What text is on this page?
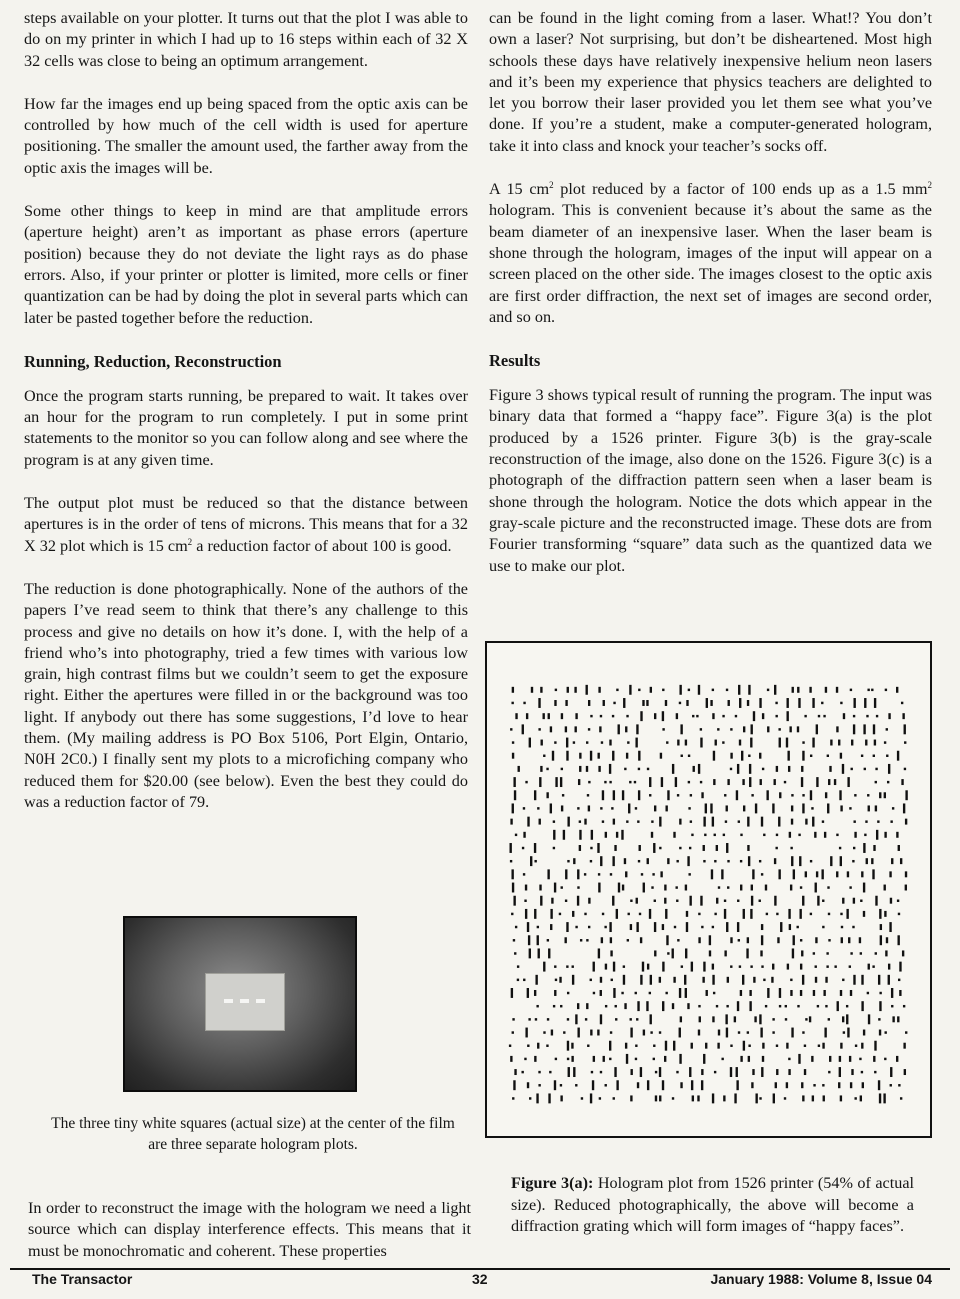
steps available on your plotter. It turns out that the plot I was able to do on my printer in which I had up to 16 steps within each of 32 X 32 cells was close to being an optimum arrangement.

How far the images end up being spaced from the optic axis can be controlled by how much of the cell width is used for aperture positioning. The smaller the amount used, the farther away from the optic axis the images will be.

Some other things to keep in mind are that amplitude errors (aperture height) aren’t as important as phase errors (aperture position) because they do not deviate the light rays as do phase errors. Also, if your printer or plotter is limited, more cells or finer quantization can be had by doing the plot in several parts which can later be pasted together before the reduction.

Running, Reduction, Reconstruction

Once the program starts running, be prepared to wait. It takes over an hour for the program to run completely. I put in some print statements to the monitor so you can follow along and see where the program is at any given time.

The output plot must be reduced so that the distance between apertures is in the order of tens of microns. This means that for a 32 X 32 plot which is 15 $cm^2$ a reduction factor of about 100 is good.

The reduction is done photographically. None of the authors of the papers I’ve read seem to think that there’s any challenge to this process and give no details on how it’s done. I, with the help of a friend who’s into photography, tried a few times with various low grain, high contrast films but we couldn’t seem to get the exposure right. Either the apertures were filled in or the background was too light. If anybody out there has some suggestions, I’d love to hear them. (My mailing address is PO Box 5106, Port Elgin, Ontario, N0H 2C0.) I finally sent my plots to a microfiching company who reduced them for $20.00 (see below). Even the best they could do was a reduction factor of 79.

The three tiny white squares (actual size) at the center of the film are three separate hologram plots.

In order to reconstruct the image with the hologram we need a light source which can display interference effects. This means that it must be monochromatic and coherent. These properties

can be found in the light coming from a laser. What!? You don’t own a laser? Not surprising, but don’t be disheartened. Most high schools these days have relatively inexpensive helium neon lasers and it’s been my experience that physics teachers are delighted to let you borrow their laser provided you let them see what you’ve done. If you’re a student, make a computer-generated hologram, take it into class and knock your teacher’s socks off.

A 15 $cm^2$ plot reduced by a factor of 100 ends up as a 1.5 $mm^2$ hologram. This is convenient because it’s about the same as the beam diameter of an inexpensive laser. When the laser beam is shone through the hologram, images of the input will appear on a screen placed on the other side. The images closest to the optic axis are first order diffraction, the next set of images are second order, and so on.

Results

Figure 3 shows typical result of running the program. The input was binary data that formed a “happy face”. Figure 3(a) is the plot produced by a 1526 printer. Figure 3(b) is the gray-scale reconstruction of the image, also done on the 1526. Figure 3(c) is a photograph of the diffraction pattern seen when a laser beam is shone through the hologram. Notice the dots which appear in the gray-scale picture and the reconstructed image. These dots are from Fourier transforming “square” data such as the quantized data we use to make our plot.

Figure 3(a): Hologram plot from 1526 printer (54% of actual size). Reduced photographically, the above will become a diffraction grating which will form images of “happy faces”.
The Transactor	32	January 1988: Volume 8, Issue 04
